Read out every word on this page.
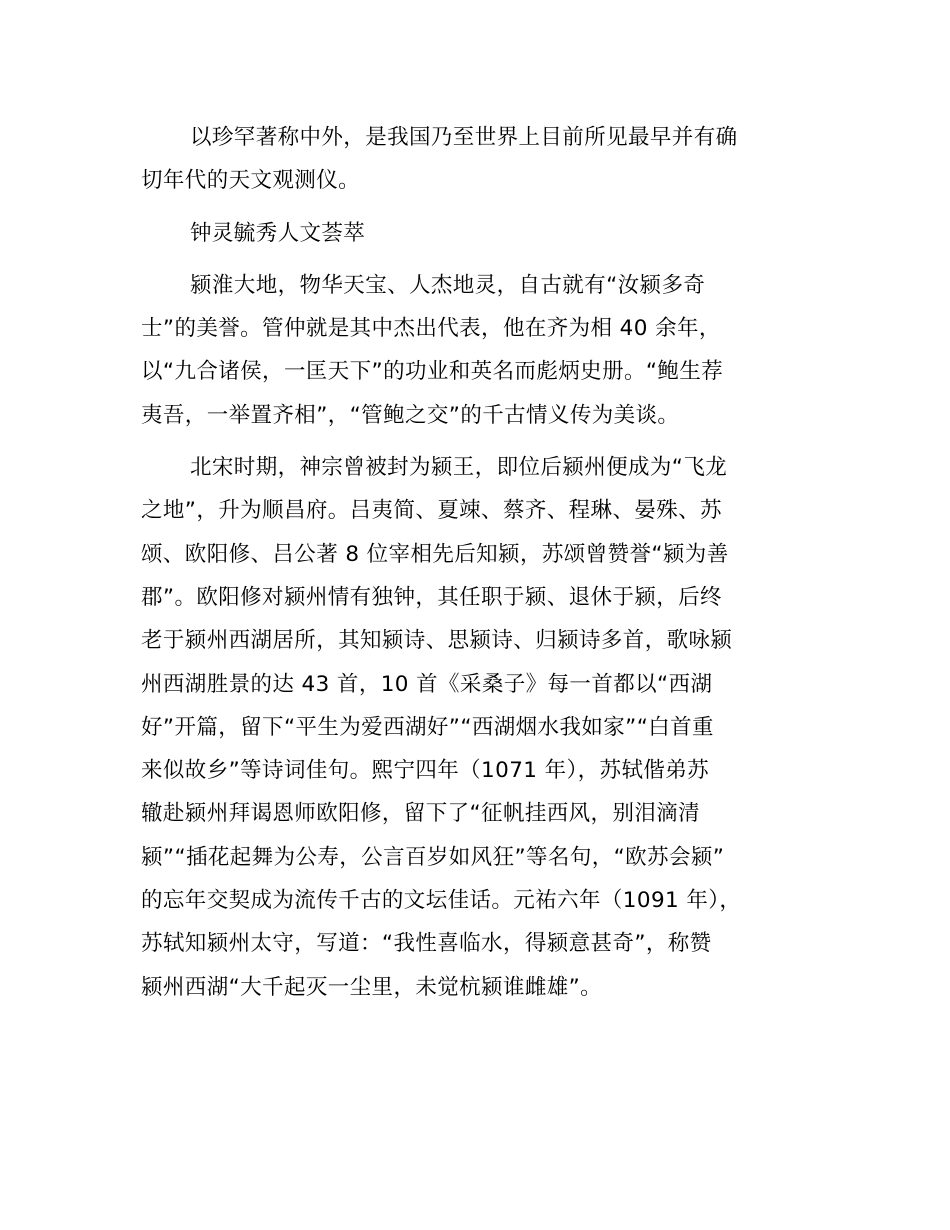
以珍罕著称中外，是我国乃至世界上目前所见最早并有确
切年代的天文观测仪。

钟灵毓秀人文荟萃

颍淮大地，物华天宝、人杰地灵，自古就有“汝颍多奇
士”的美誉。管仲就是其中杰出代表，他在齐为相 40 余年，
以“九合诸侯，一匡天下”的功业和英名而彪炳史册。“鲍生荐
夷吾，一举置齐相”，“管鲍之交”的千古情义传为美谈。

北宋时期，神宗曾被封为颍王，即位后颍州便成为“飞龙
之地”，升为顺昌府。吕夷简、夏竦、蔡齐、程琳、晏殊、苏
颂、欧阳修、吕公著 8 位宰相先后知颍，苏颂曾赞誉“颍为善
郡”。欧阳修对颍州情有独钟，其任职于颍、退休于颍，后终
老于颍州西湖居所，其知颍诗、思颍诗、归颍诗多首，歌咏颍
州西湖胜景的达 43 首，10 首《采桑子》每一首都以“西湖
好”开篇，留下“平生为爱西湖好”“西湖烟水我如家”“白首重
来似故乡”等诗词佳句。熙宁四年（1071 年），苏轼偕弟苏
辙赴颍州拜谒恩师欧阳修，留下了“征帆挂西风，别泪滴清
颍”“插花起舞为公寿，公言百岁如风狂”等名句，“欧苏会颍”
的忘年交契成为流传千古的文坛佳话。元祐六年（1091 年），
苏轼知颍州太守，写道：“我性喜临水，得颍意甚奇”，称赞
颍州西湖“大千起灭一尘里，未觉杭颍谁雌雄”。
